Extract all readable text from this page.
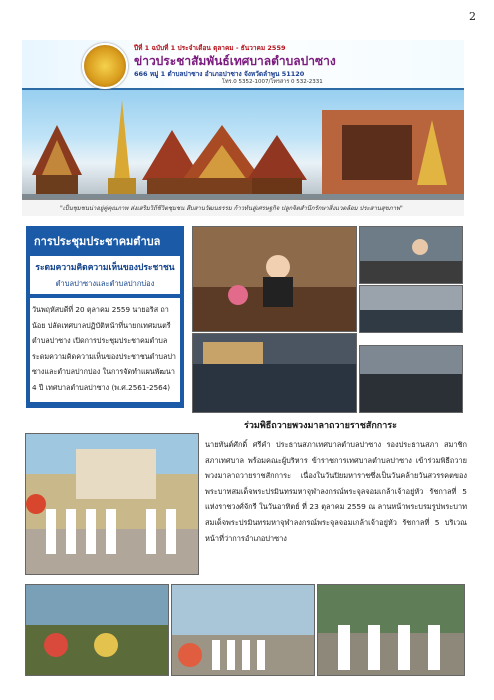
2
ปีที่ 1 ฉบับที่ 1 ประจำเดือน ตุลาคม - ธันวาคม 2559
ข่าวประชาสัมพันธ์เทศบาลตำบลปาซาง
666 หมู่ 1 ตำบลปาซาง อำเภอปาซาง จังหวัดลำพูน 51120
โทร.0 5352-1007/โทรสาร 0 532-2331
"เป็นชุมชนน่าอยู่คู่คุณภาพ ส่งเสริมวิถีชีวิตชุมชน สืบสานวัฒนธรรม ก้าวทันสู่เศรษฐกิจ ปลูกจิตสำนึกรักษาสิ่งแวดล้อม ประสานสุขภาพ"
การประชุมประชาคมตำบล
ระดมความคิดความเห็นของประชาชน
ตำบลปาซางและตำบลปากบ่อง
วันพฤหัสบดีที่ 20 ตุลาคม 2559 นายอริส ถาน้อย ปลัดเทศบาลปฏิบัติหน้าที่นายกเทศมนตรีตำบลปาซาง เปิดการประชุมประชาคมตำบล ระดมความคิดความเห็นของประชาชนตำบลปาซางและตำบลปากบ่อง ในการจัดทำแผนพัฒนา 4 ปี เทศบาลตำบลปาซาง (พ.ศ.2561-2564)
ร่วมพิธีถวายพวงมาลาถวายราชสักการะ
นายทันต์ศักดิ์ ศรีคำ ประธานสภาเทศบาลตำบลปาซาง รองประธานสภา สมาชิกสภาเทศบาล พร้อมคณะผู้บริหาร ข้าราชการเทศบาลตำบลปาซาง เข้าร่วมพิธีถวายพวงมาลาถวายราชสักการะ เนื่องในวันปิยมหาราชซึ่งเป็นวันคล้ายวันสวรรคตของพระบาทสมเด็จพระปรมินทรมหาจุฬาลงกรณ์พระจุลจอมเกล้าเจ้าอยู่หัว รัชกาลที่ 5 แห่งราชวงศ์จักรี ในวันอาทิตย์ ที่ 23 ตุลาคม 2559 ณ ลานหน้าพระบรมรูปพระบาทสมเด็จพระปรมินทรมหาจุฬาลงกรณ์พระจุลจอมเกล้าเจ้าอยู่หัว รัชกาลที่ 5 บริเวณหน้าที่ว่าการอำเภอปาซาง
